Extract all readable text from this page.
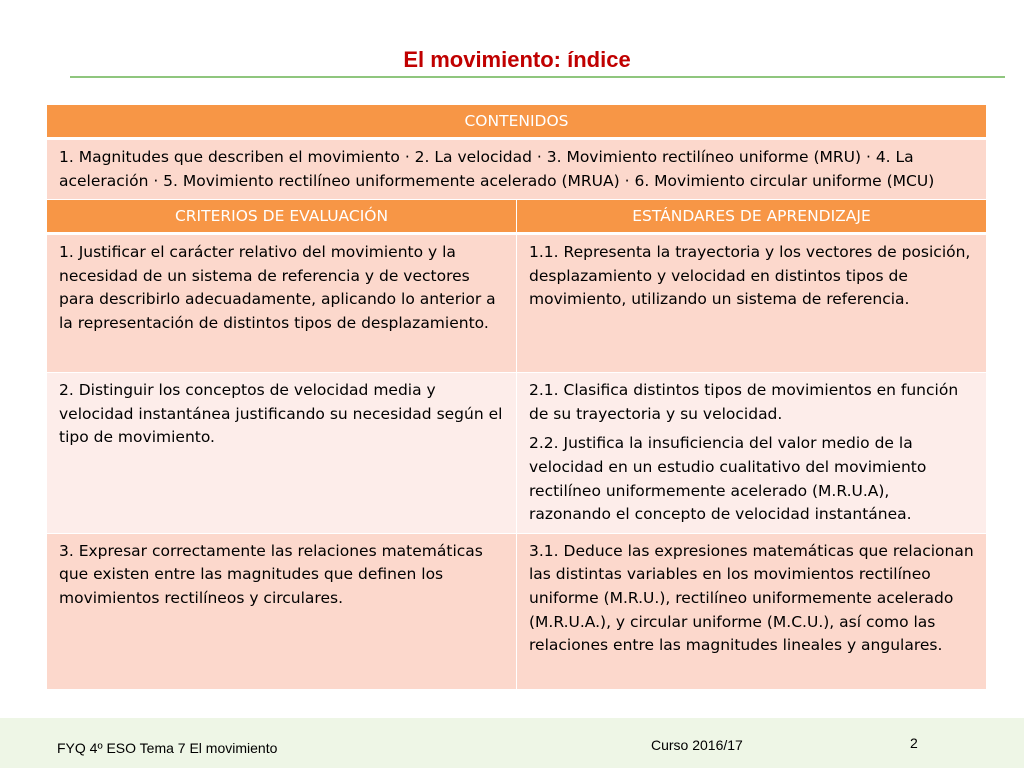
El movimiento: índice
CONTENIDOS	
1. Magnitudes que describen el movimiento · 2. La velocidad · 3. Movimiento rectilíneo uniforme (MRU) · 4. La aceleración · 5. Movimiento rectilíneo uniformemente acelerado (MRUA) · 6. Movimiento circular uniforme (MCU)	
CRITERIOS DE EVALUACIÓN	ESTÁNDARES DE APRENDIZAJE
1. Justificar el carácter relativo del movimiento y la necesidad de un sistema de referencia y de vectores para describirlo adecuadamente, aplicando lo anterior a la representación de distintos tipos de desplazamiento.	1.1. Representa la trayectoria y los vectores de posición, desplazamiento y velocidad en distintos tipos de movimiento, utilizando un sistema de referencia.

2. Distinguir los conceptos de velocidad media y velocidad instantánea justificando su necesidad según el tipo de movimiento.	2.1. Clasifica distintos tipos de movimientos en función de su trayectoria y su velocidad.
2.2. Justifica la insuficiencia del valor medio de la velocidad en un estudio cualitativo del movimiento rectilíneo uniformemente acelerado (M.R.U.A), razonando el concepto de velocidad instantánea.

3. Expresar correctamente las relaciones matemáticas que existen entre las magnitudes que definen los movimientos rectilíneos y circulares.	3.1. Deduce las expresiones matemáticas que relacionan las distintas variables en los movimientos rectilíneo uniforme (M.R.U.), rectilíneo uniformemente acelerado (M.R.U.A.), y circular uniforme (M.C.U.), así como las relaciones entre las magnitudes lineales y angulares.
FYQ 4º ESO Tema 7 El movimiento	Curso 2016/17	2
